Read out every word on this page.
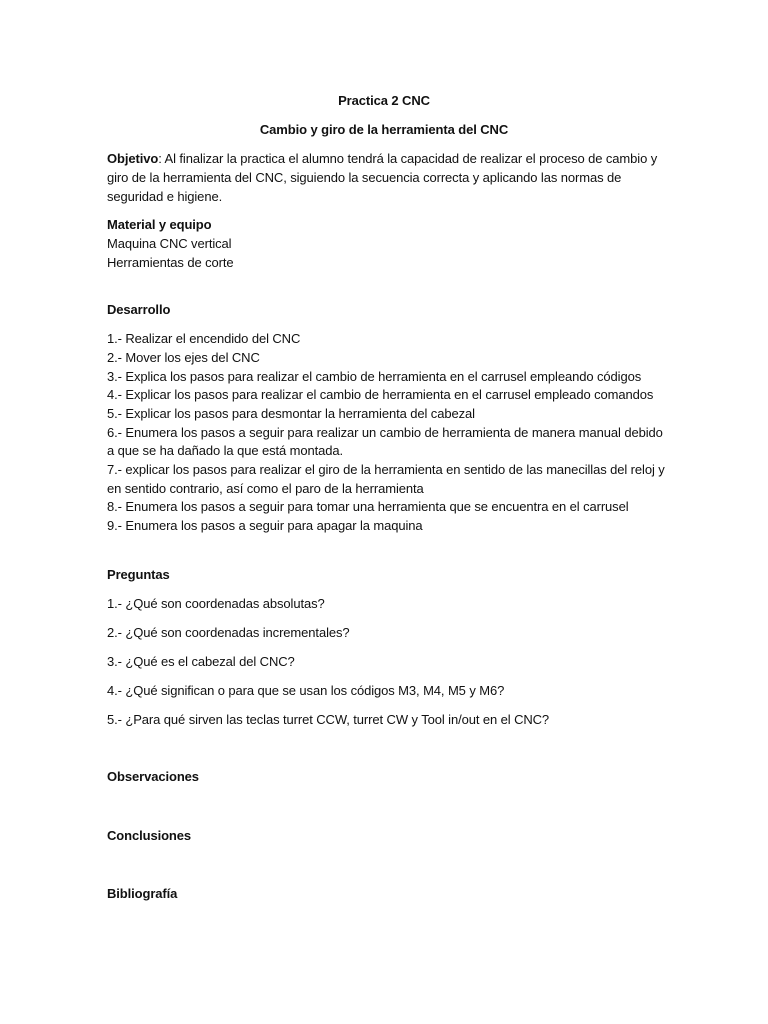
Practica 2 CNC
Cambio y giro de la herramienta del CNC
Objetivo: Al finalizar la practica el alumno tendrá la capacidad de realizar el proceso de cambio y
giro de la herramienta del CNC, siguiendo la secuencia correcta y aplicando las normas de
seguridad e higiene.
Material y equipo
Maquina CNC vertical
Herramientas de corte
Desarrollo
1.- Realizar el encendido del CNC
2.- Mover los ejes del CNC
3.- Explica los pasos para realizar el cambio de herramienta en el carrusel empleando códigos
4.- Explicar los pasos para realizar el cambio de herramienta en el carrusel empleado comandos
5.- Explicar los pasos para desmontar la herramienta del cabezal
6.- Enumera los pasos a seguir para realizar un cambio de herramienta de manera manual debido
a que se ha dañado la que está montada.
7.- explicar los pasos para realizar el giro de la herramienta en sentido de las manecillas del reloj y
en sentido contrario, así como el paro de la herramienta
8.- Enumera los pasos a seguir para tomar una herramienta que se encuentra en el carrusel
9.- Enumera los pasos a seguir para apagar la maquina
Preguntas
1.- ¿Qué son coordenadas absolutas?
2.- ¿Qué son coordenadas incrementales?
3.- ¿Qué es el cabezal del CNC?
4.- ¿Qué significan o para que se usan los códigos M3, M4, M5 y M6?
5.- ¿Para qué sirven las teclas turret CCW, turret CW y Tool in/out en el CNC?
Observaciones
Conclusiones
Bibliografía
